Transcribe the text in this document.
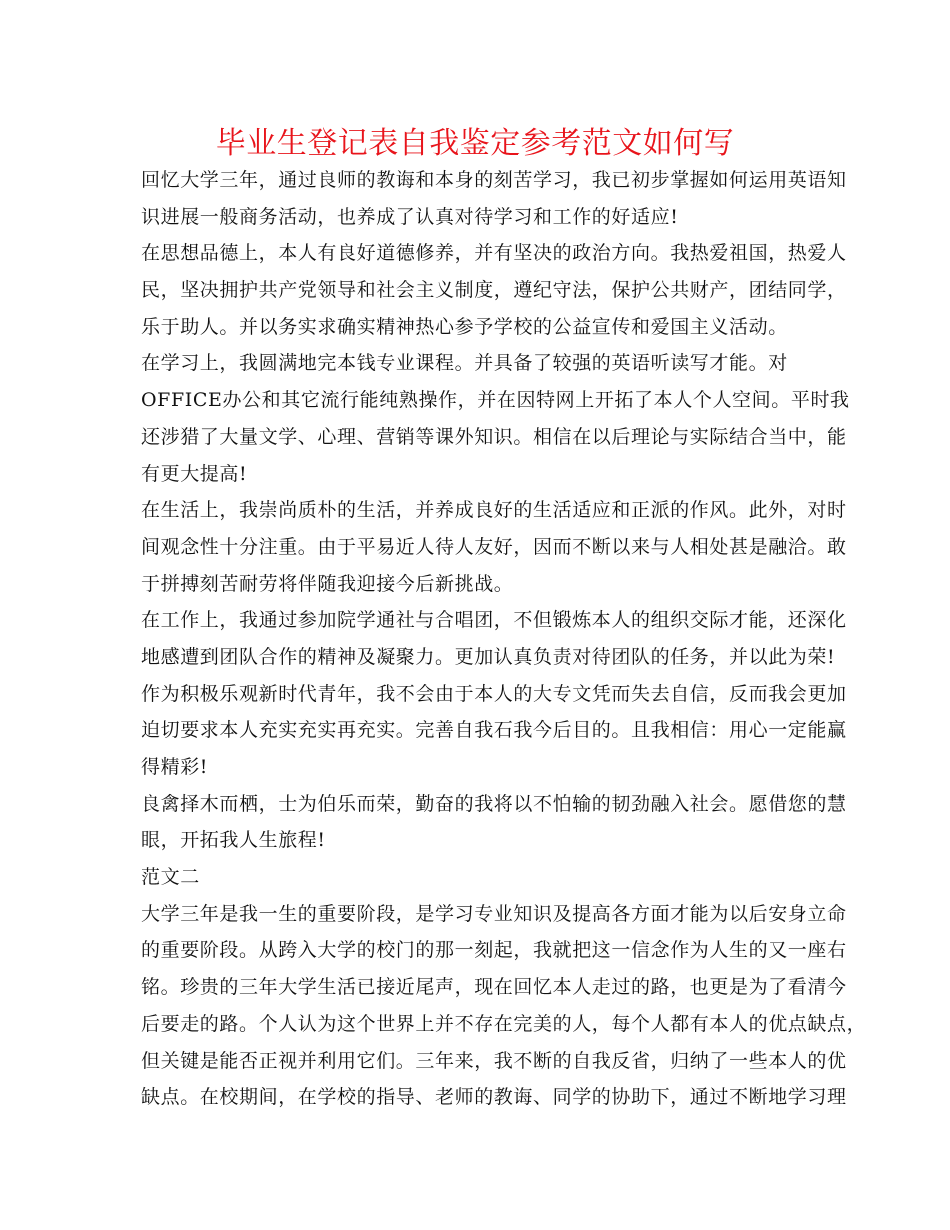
毕业生登记表自我鉴定参考范文如何写
回忆大学三年，通过良师的教诲和本身的刻苦学习，我已初步掌握如何运用英语知
识进展一般商务活动，也养成了认真对待学习和工作的好适应!
在思想品德上，本人有良好道德修养，并有坚决的政治方向。我热爱祖国，热爱人
民，坚决拥护共产党领导和社会主义制度，遵纪守法，保护公共财产，团结同学，
乐于助人。并以务实求确实精神热心参予学校的公益宣传和爱国主义活动。
在学习上，我圆满地完本钱专业课程。并具备了较强的英语听读写才能。对
OFFICE办公和其它流行能纯熟操作，并在因特网上开拓了本人个人空间。平时我
还涉猎了大量文学、心理、营销等课外知识。相信在以后理论与实际结合当中，能
有更大提高!
在生活上，我崇尚质朴的生活，并养成良好的生活适应和正派的作风。此外，对时
间观念性十分注重。由于平易近人待人友好，因而不断以来与人相处甚是融洽。敢
于拼搏刻苦耐劳将伴随我迎接今后新挑战。
在工作上，我通过参加院学通社与合唱团，不但锻炼本人的组织交际才能，还深化
地感遭到团队合作的精神及凝聚力。更加认真负责对待团队的任务，并以此为荣!
作为积极乐观新时代青年，我不会由于本人的大专文凭而失去自信，反而我会更加
迫切要求本人充实充实再充实。完善自我石我今后目的。且我相信：用心一定能赢
得精彩!
良禽择木而栖，士为伯乐而荣，勤奋的我将以不怕输的韧劲融入社会。愿借您的慧
眼，开拓我人生旅程!
范文二
大学三年是我一生的重要阶段，是学习专业知识及提高各方面才能为以后安身立命
的重要阶段。从跨入大学的校门的那一刻起，我就把这一信念作为人生的又一座右
铭。珍贵的三年大学生活已接近尾声，现在回忆本人走过的路，也更是为了看清今
后要走的路。个人认为这个世界上并不存在完美的人，每个人都有本人的优点缺点，
但关键是能否正视并利用它们。三年来，我不断的自我反省，归纳了一些本人的优
缺点。在校期间，在学校的指导、老师的教诲、同学的协助下，通过不断地学习理
